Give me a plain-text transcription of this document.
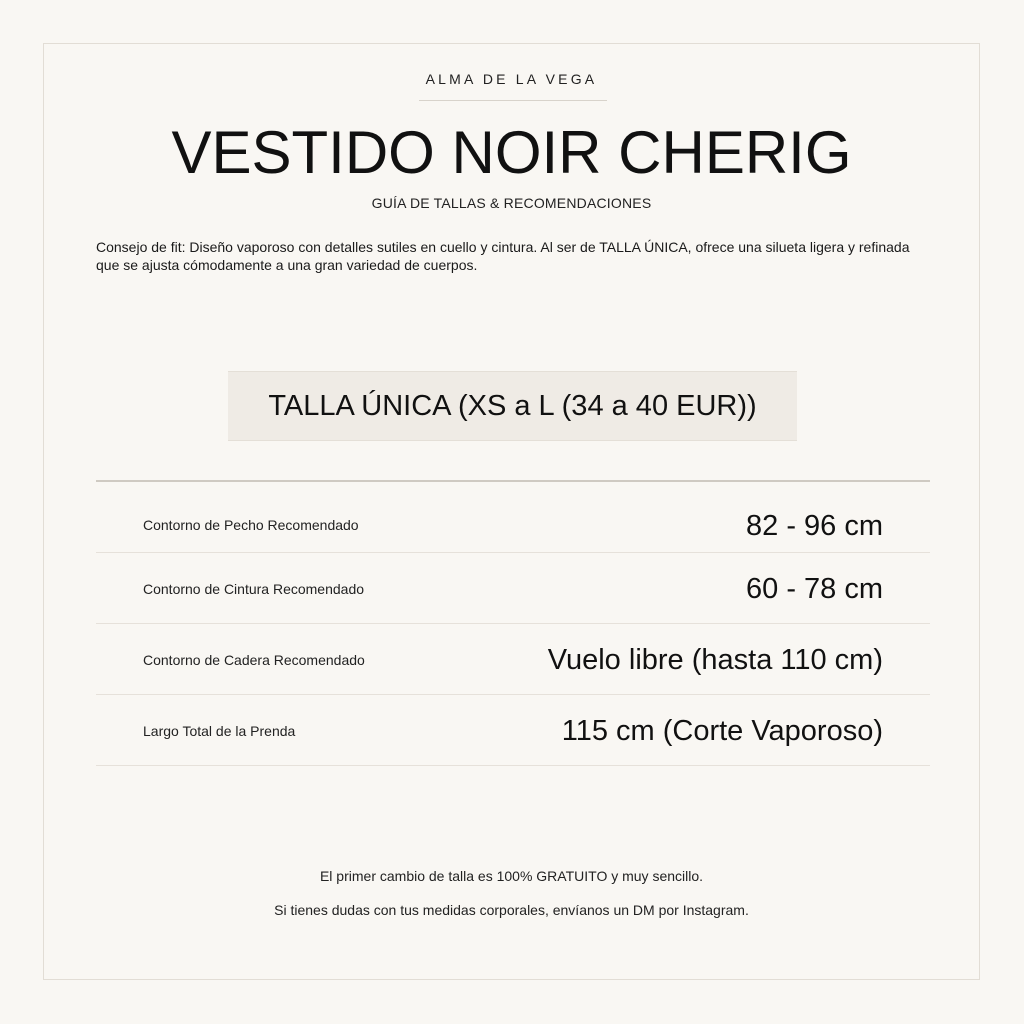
ALMA DE LA VEGA
VESTIDO NOIR CHERIG
GUÍA DE TALLAS & RECOMENDACIONES
Consejo de fit: Diseño vaporoso con detalles sutiles en cuello y cintura. Al ser de TALLA ÚNICA, ofrece una silueta ligera y refinada que se ajusta cómodamente a una gran variedad de cuerpos.
TALLA ÚNICA (XS a L (34 a 40 EUR))
Contorno de Pecho Recomendado	82 - 96 cm
Contorno de Cintura Recomendado	60 - 78 cm
Contorno de Cadera Recomendado	Vuelo libre (hasta 110 cm)
Largo Total de la Prenda	115 cm (Corte Vaporoso)
El primer cambio de talla es 100% GRATUITO y muy sencillo.
Si tienes dudas con tus medidas corporales, envíanos un DM por Instagram.
